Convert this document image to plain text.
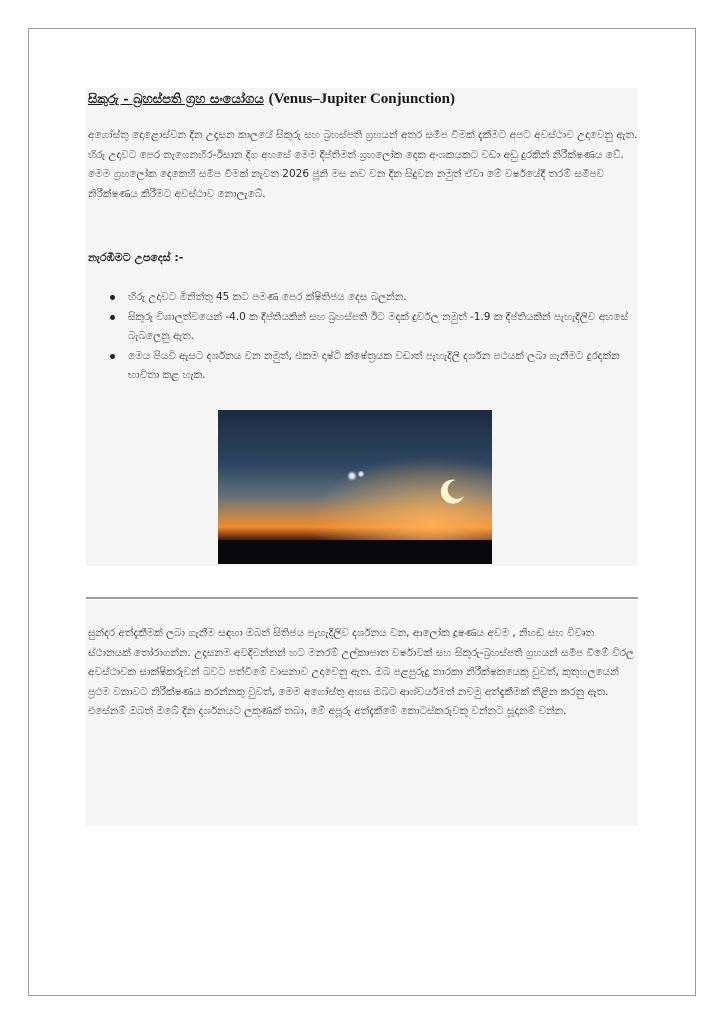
සිකුරු - බ්‍රහස්පති ග්‍රහ සංයෝගය (Venus–Jupiter Conjunction)

අගෝස්තු දොළොස්වන දින උදෑසන කාලයේ සිකුරු සහ බ්‍රහස්පති ග්‍රහයන් අතර සමීප වීමක් දැකීමට අපට අවස්ථාව උදාවෙනු ඇත. හිරු උදාවට පෙර නැගෙනහිර-ඊසාන දිග අහසේ මෙම දීප්තිමත් ග්‍රහලෝක දෙක අංශකයකට වඩා අඩු දුරකින් නිරීක්ෂණය වේ. මෙම ග්‍රහලෝක දෙකෙහි සමීප වීමක් නැවත 2026 ජූනි මස නව වන දින සිදුවන නමුත් ඒවා මේ වර්ෂයේදී තරම් සමීපව නිරීක්ෂණය කිරීමට අවස්ථාව නොලැබේ.

නැරඹීමට උපදෙස් :-
හිරු උදාවට මිනිත්තු 45 කට පමණ පෙර ක්ෂිතිජය දෙස බලන්න.
සිකුරු විශාලත්වයෙන් -4.0 ක දීප්තියකින් සහ බ්‍රහස්පති ඊට මදක් දුර්වල නමුත් -1.9 ක දීප්තියකින් පැහැදිලිව අහසේ බැබලෙනු ඇත.
මෙය පියවි ඇසට දර්ශනය වන නමුත්, එකම දෘෂ්ටි ක්ෂේත්‍රයක වඩාත් පැහැදිලි දර්ශන පථයක් ලබා ගැනීමට දුරදක්න භාවිතා කළ හැක.

සුන්දර අත්දැකීමක් ලබා ගැනීම සඳහා ඔබත් සිතිජය පැහැදිලිව දර්ශනය වන, ආලෝක දූෂණය අවම , නිහඬ සහ විවෘත ස්ථානයක් තෝරාගන්න. උදෑසනම අවදිවන්නන් හට මනරම් උල්කාපාත වර්ෂාවක් සහ සිකුරු-බ්‍රහස්පති ග්‍රහයන් සමීප වීමේ විරල අවස්ථාවක සාක්ෂිකරුවන් බවට පත්වීමේ වාසනාව උදාවෙනු ඇත. ඔබ පළපුරුදු තාරකා නිරීක්ෂකයෙකු වුවත්, කුතුහලයෙන් ප්‍රථම වතාවට නිරීක්ෂණය කරන්නකු වුවත්, මෙම අගෝස්තු අහස ඔබට ආශ්චර්යමත් නවමු අත්දැකීමක් තිළින කරනු ඇත. එසේනම් ඔබත් ඔබේ දින දර්ශනයට ලකුණක් තබා, මේ අපූරු අත්දැකීමේ කොටස්කරුවකු වන්නට සූදානම් වන්න.
